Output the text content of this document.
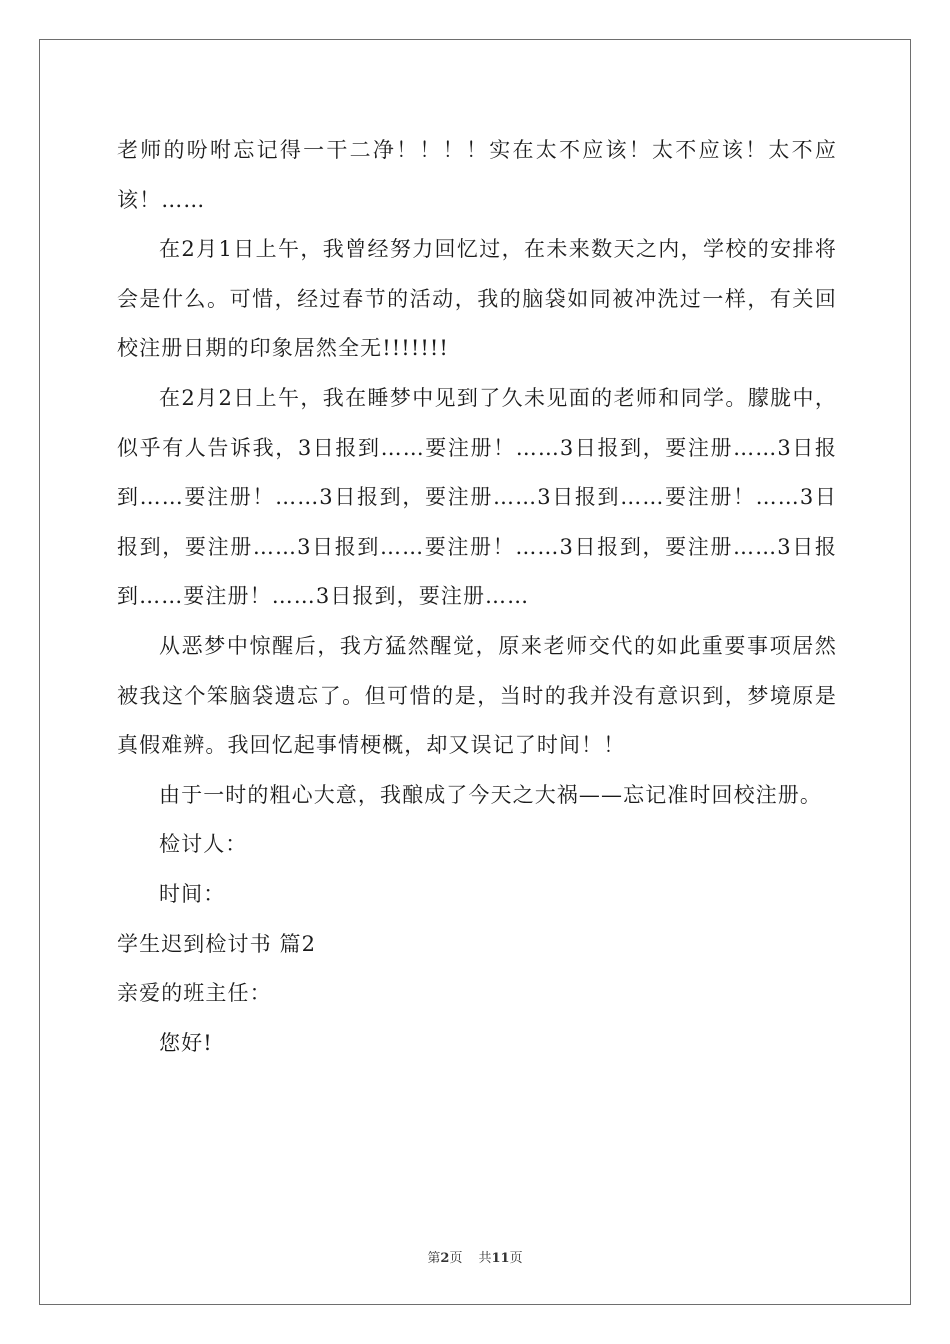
老师的吩咐忘记得一干二净！！！！实在太不应该！太不应该！太不应该！……

在2月1日上午，我曾经努力回忆过，在未来数天之内，学校的安排将会是什么。可惜，经过春节的活动，我的脑袋如同被冲洗过一样，有关回校注册日期的印象居然全无!!!!!!!

在2月2日上午，我在睡梦中见到了久未见面的老师和同学。朦胧中，似乎有人告诉我，3日报到……要注册！……3日报到，要注册……3日报到……要注册！……3日报到，要注册……3日报到……要注册！……3日报到，要注册……3日报到……要注册！……3日报到，要注册……3日报到……要注册！……3日报到，要注册……

从恶梦中惊醒后，我方猛然醒觉，原来老师交代的如此重要事项居然被我这个笨脑袋遗忘了。但可惜的是，当时的我并没有意识到，梦境原是真假难辨。我回忆起事情梗概，却又误记了时间！！

由于一时的粗心大意，我酿成了今天之大祸——忘记准时回校注册。

检讨人：

时间：

学生迟到检讨书 篇2

亲爱的班主任：

您好!

第2页 共11页
